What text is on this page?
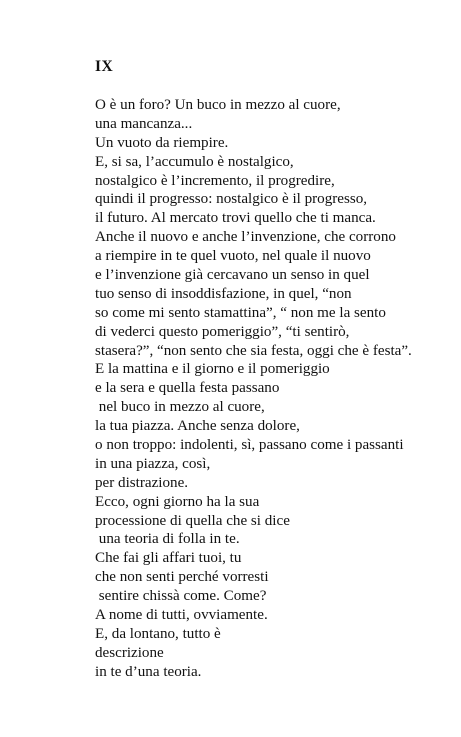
IX
O è un foro? Un buco in mezzo al cuore,
una mancanza...
Un vuoto da riempire.
E, si sa, l’accumulo è nostalgico,
nostalgico è l’incremento, il progredire,
quindi il progresso: nostalgico è il progresso,
il futuro. Al mercato trovi quello che ti manca.
Anche il nuovo e anche l’invenzione, che corrono
a riempire in te quel vuoto, nel quale il nuovo
e l’invenzione già cercavano un senso in quel
tuo senso di insoddisfazione, in quel, “non
so come mi sento stamattina”, “ non me la sento
di vederci questo pomeriggio”, “ti sentirò,
stasera?”, “non sento che sia festa, oggi che è festa”.
E la mattina e il giorno e il pomeriggio
e la sera e quella festa passano
nel buco in mezzo al cuore,
la tua piazza. Anche senza dolore,
o non troppo: indolenti, sì, passano come i passanti
in una piazza, così,
per distrazione.
Ecco, ogni giorno ha la sua
processione di quella che si dice
una teoria di folla in te.
Che fai gli affari tuoi, tu
che non senti perché vorresti
sentire chissà come. Come?
A nome di tutti, ovviamente.
E, da lontano, tutto è
descrizione
in te d’una teoria.
